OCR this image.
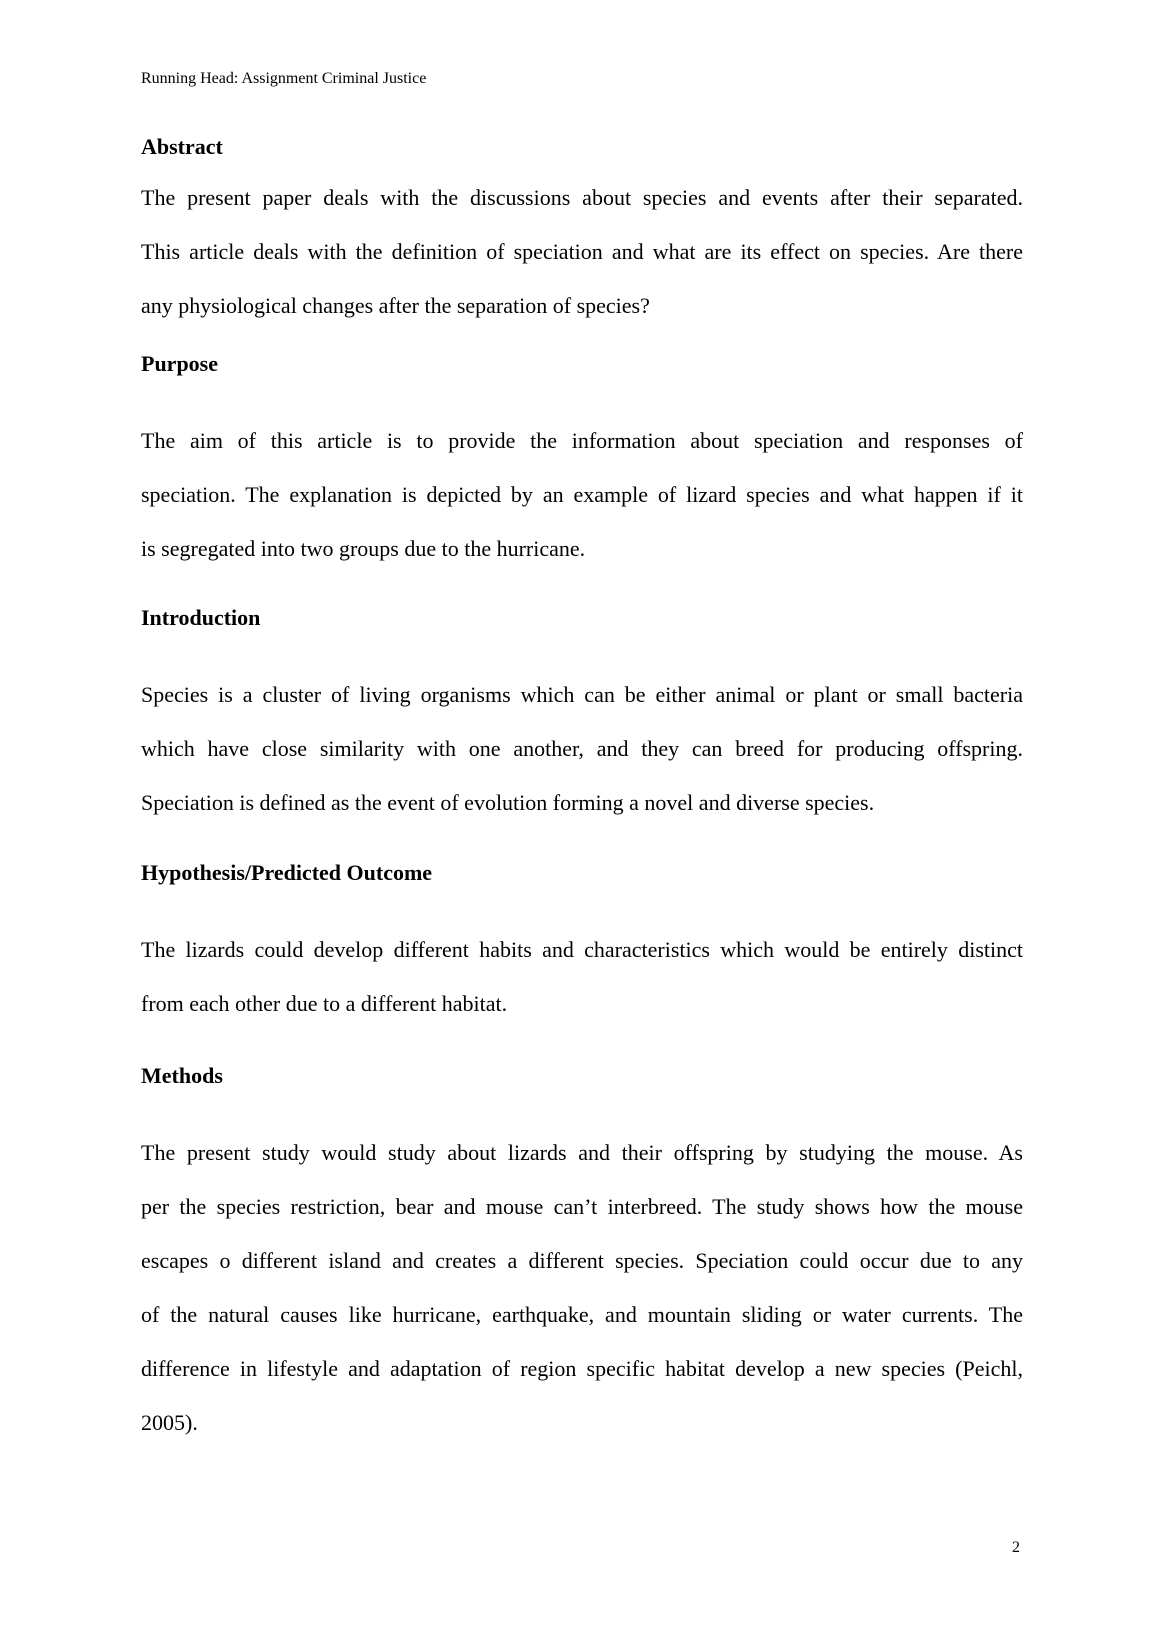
Running Head: Assignment Criminal Justice
Abstract
The present paper deals with the discussions about species and events after their separated.
This article deals with the definition of speciation and what are its effect on species. Are there
any physiological changes after the separation of species?
Purpose
The aim of this article is to provide the information about speciation and responses of
speciation. The explanation is depicted by an example of lizard species and what happen if it
is segregated into two groups due to the hurricane.
Introduction
Species is a cluster of living organisms which can be either animal or plant or small bacteria
which have close similarity with one another, and they can breed for producing offspring.
Speciation is defined as the event of evolution forming a novel and diverse species.
Hypothesis/Predicted Outcome
The lizards could develop different habits and characteristics which would be entirely distinct
from each other due to a different habitat.
Methods
The present study would study about lizards and their offspring by studying the mouse. As
per the species restriction, bear and mouse can’t interbreed. The study shows how the mouse
escapes o different island and creates a different species. Speciation could occur due to any
of the natural causes like hurricane, earthquake, and mountain sliding or water currents. The
difference in lifestyle and adaptation of region specific habitat develop a new species (Peichl,
2005).
2
